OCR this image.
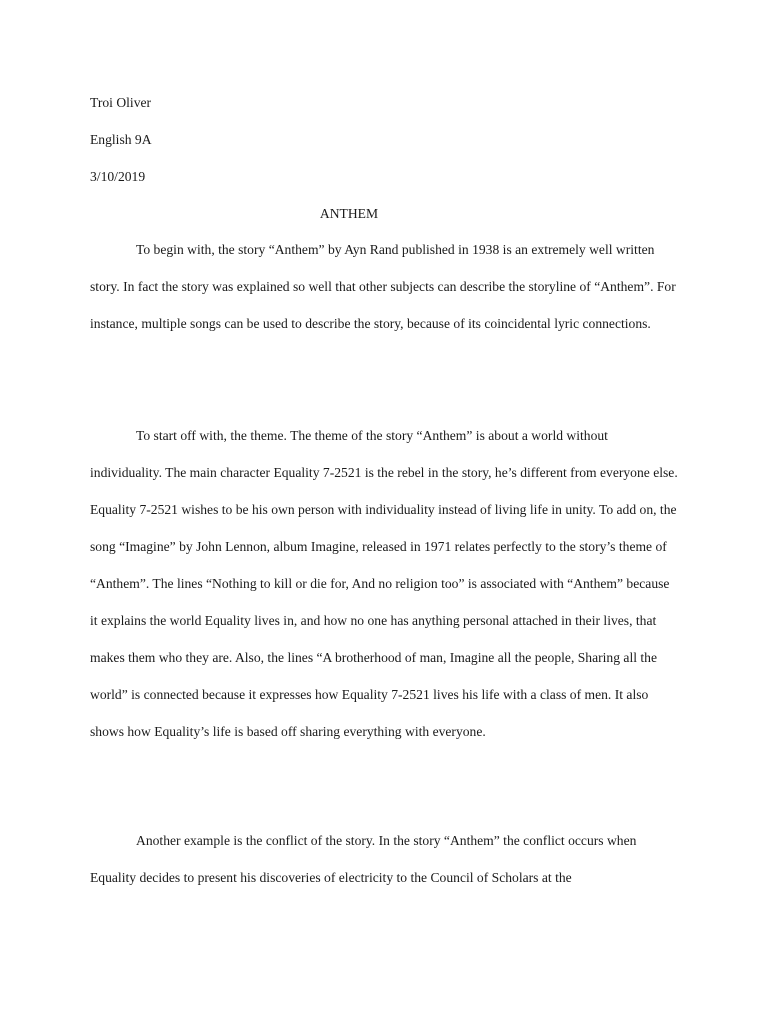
Troi Oliver
English 9A
3/10/2019
ANTHEM

To begin with, the story “Anthem” by Ayn Rand published in 1938 is an extremely well written story. In fact the story was explained so well that other subjects can describe the storyline of “Anthem”. For instance, multiple songs can be used to describe the story, because of its coincidental lyric connections.

To start off with, the theme. The theme of the story “Anthem” is about a world without individuality. The main character Equality 7-2521 is the rebel in the story, he’s different from everyone else. Equality 7-2521 wishes to be his own person with individuality instead of living life in unity. To add on, the song “Imagine” by John Lennon, album Imagine, released in 1971 relates perfectly to the story’s theme of “Anthem”. The lines “Nothing to kill or die for, And no religion too” is associated with “Anthem” because it explains the world Equality lives in, and how no one has anything personal attached in their lives, that makes them who they are. Also, the lines “A brotherhood of man, Imagine all the people, Sharing all the world” is connected because it expresses how Equality 7-2521 lives his life with a class of men. It also shows how Equality’s life is based off sharing everything with everyone.

Another example is the conflict of the story. In the story “Anthem” the conflict occurs when Equality decides to present his discoveries of electricity to the Council of Scholars at the
